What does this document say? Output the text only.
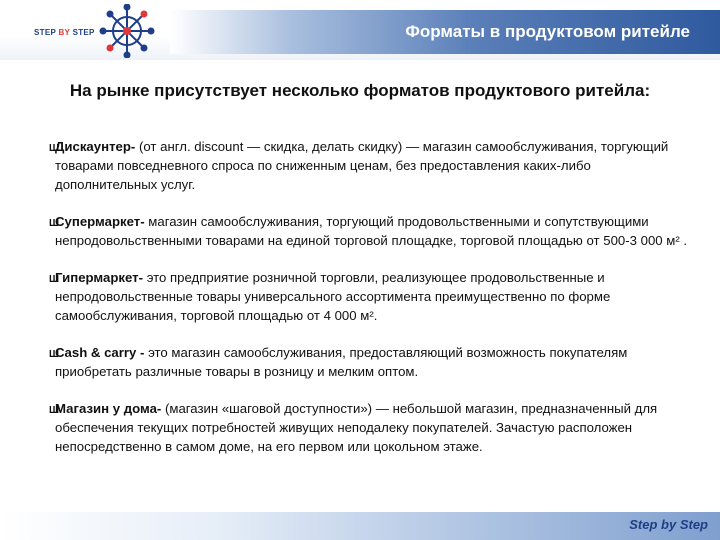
STEP BY STEP	Форматы в продуктовом ритейле
На рынке присутствует несколько форматов продуктового ритейла:

Ш
Дискаунтер- (от англ. discount — скидка, делать скидку) — магазин самообслуживания, торгующий товарами повседневного спроса по сниженным ценам, без предоставления каких-либо дополнительных услуг.

Ш
Супермаркет- магазин самообслуживания, торгующий продовольственными и сопутствующими непродовольственными товарами на единой торговой площадке, торговой площадью от 500-3 000 м² .

Ш
Гипермаркет- это предприятие розничной торговли, реализующее продовольственные и непродовольственные товары универсального ассортимента преимущественно по форме самообслуживания, торговой площадью от 4 000 м².

Ш
Cash & carry - это магазин самообслуживания, предоставляющий возможность покупателям приобретать различные товары в розницу и мелким оптом.

Ш
Магазин у дома- (магазин «шаговой доступности») — небольшой магазин, предназначенный для обеспечения текущих потребностей живущих неподалеку покупателей. Зачастую расположен непосредственно в самом доме, на его первом или цокольном этаже.

Step by Step
